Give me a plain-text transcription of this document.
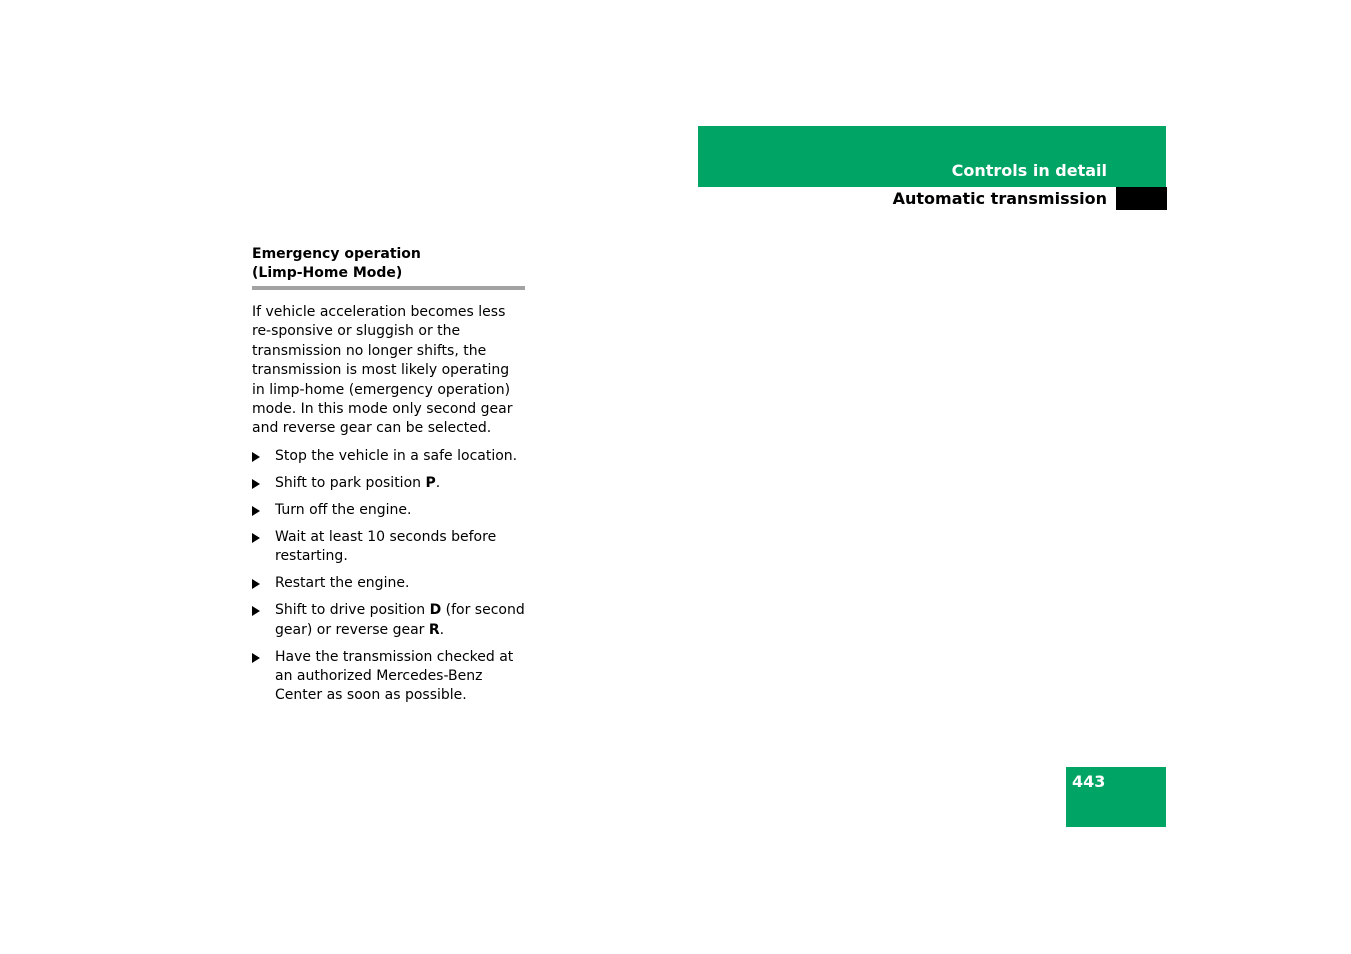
Controls in detail
Automatic transmission
Emergency operation
(Limp-Home Mode)
If vehicle acceleration becomes less re-sponsive or sluggish or the transmission no longer shifts, the transmission is most likely operating in limp-home (emergency operation) mode. In this mode only second gear and reverse gear can be selected.
Stop the vehicle in a safe location.
Shift to park position P.
Turn off the engine.
Wait at least 10 seconds before restarting.
Restart the engine.
Shift to drive position D (for second gear) or reverse gear R.
Have the transmission checked at an authorized Mercedes-Benz Center as soon as possible.
443
